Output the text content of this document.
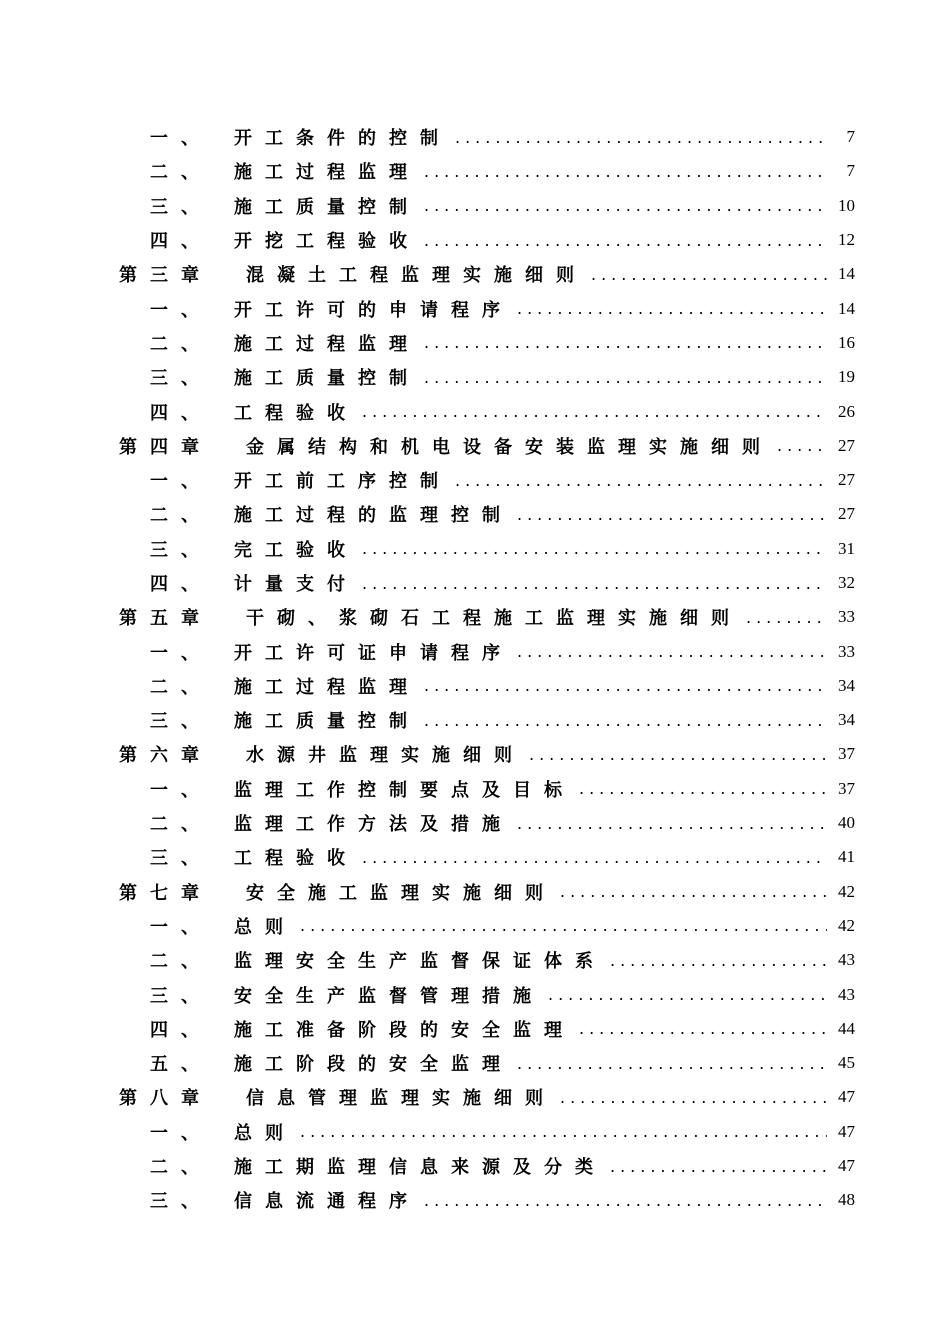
一、 开工条件的控制 .....	7
二、 施工过程监理 .....	7
三、 施工质量控制 .....	10
四、 开挖工程验收 .....	12
第三章 混凝土工程监理实施细则 .....	14
一、 开工许可的申请程序 .....	14
二、 施工过程监理 .....	16
三、 施工质量控制 .....	19
四、 工程验收 .....	26
第四章 金属结构和机电设备安装监理实施细则 .....	27
一、 开工前工序控制 .....	27
二、 施工过程的监理控制 .....	27
三、 完工验收 .....	31
四、 计量支付 .....	32
第五章 干砌、浆砌石工程施工监理实施细则 .....	33
一、 开工许可证申请程序 .....	33
二、 施工过程监理 .....	34
三、 施工质量控制 .....	34
第六章 水源井监理实施细则 .....	37
一、 监理工作控制要点及目标 .....	37
二、 监理工作方法及措施 .....	40
三、 工程验收 .....	41
第七章 安全施工监理实施细则 .....	42
一、 总则 .....	42
二、 监理安全生产监督保证体系 .....	43
三、 安全生产监督管理措施 .....	43
四、 施工准备阶段的安全监理 .....	44
五、 施工阶段的安全监理 .....	45
第八章 信息管理监理实施细则 .....	47
一、 总则 .....	47
二、 施工期监理信息来源及分类 .....	47
三、 信息流通程序 .....	48
